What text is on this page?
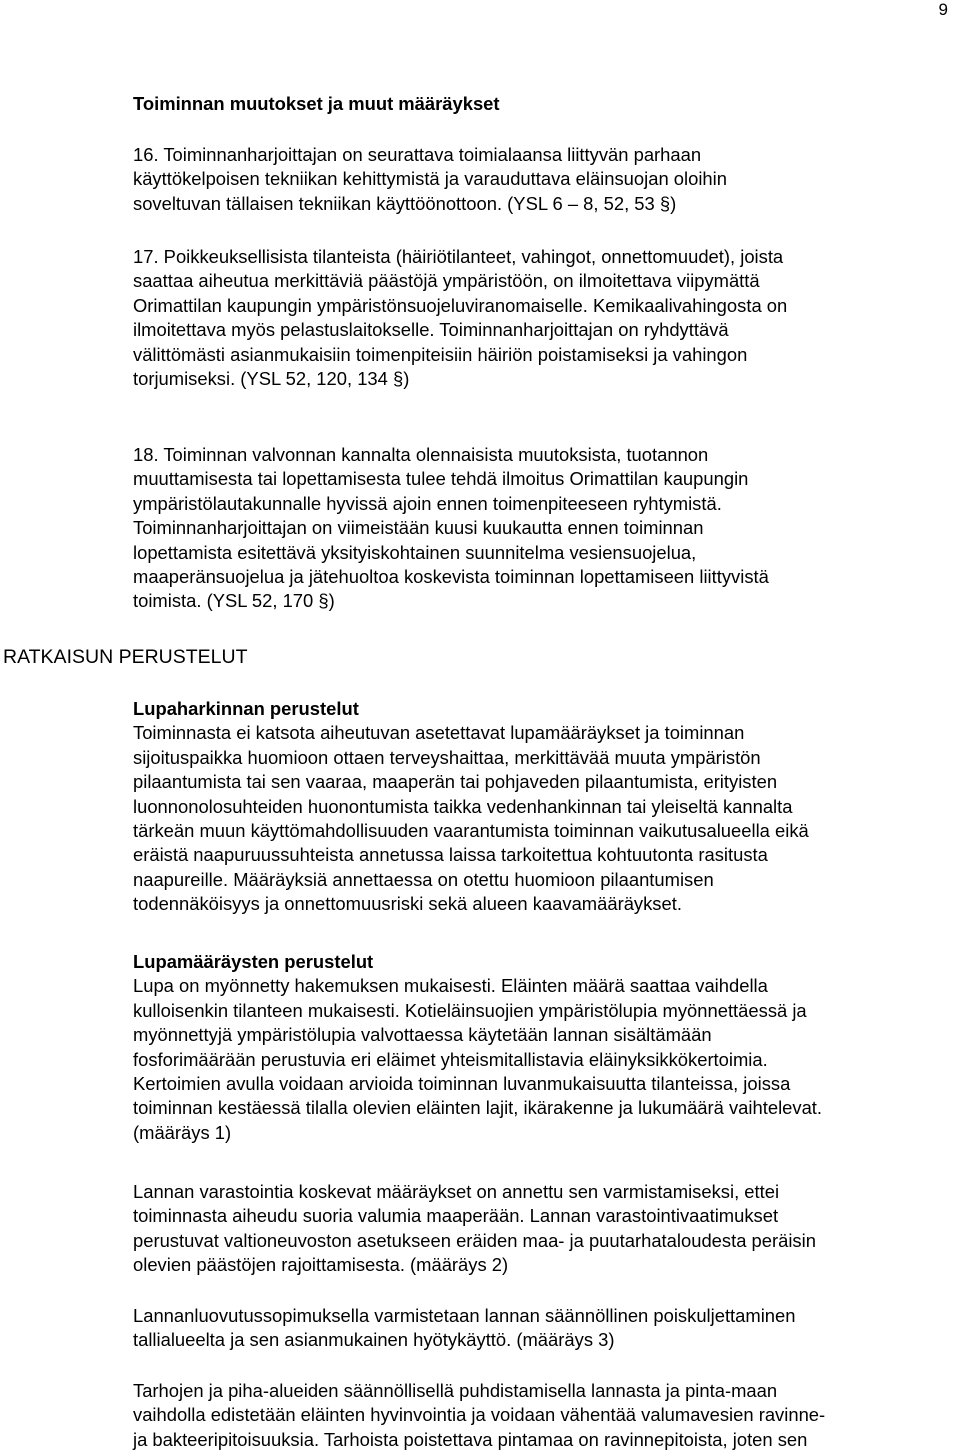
9
Toiminnan muutokset ja muut määräykset
16. Toiminnanharjoittajan on seurattava toimialaansa liittyvän parhaan
käyttökelpoisen tekniikan kehittymistä ja varauduttava eläinsuojan oloihin
soveltuvan tällaisen tekniikan käyttöönottoon. (YSL 6 – 8, 52, 53 §)
17. Poikkeuksellisista tilanteista (häiriötilanteet, vahingot, onnettomuudet), joista
saattaa aiheutua merkittäviä päästöjä ympäristöön, on ilmoitettava viipymättä
Orimattilan kaupungin ympäristönsuojeluviranomaiselle. Kemikaalivahingosta on
ilmoitettava myös pelastuslaitokselle. Toiminnanharjoittajan on ryhdyttävä
välittömästi asianmukaisiin toimenpiteisiin häiriön poistamiseksi ja vahingon
torjumiseksi. (YSL 52, 120, 134 §)
18. Toiminnan valvonnan kannalta olennaisista muutoksista, tuotannon
muuttamisesta tai lopettamisesta tulee tehdä ilmoitus Orimattilan kaupungin
ympäristölautakunnalle hyvissä ajoin ennen toimenpiteeseen ryhtymistä.
Toiminnanharjoittajan on viimeistään kuusi kuukautta ennen toiminnan
lopettamista esitettävä yksityiskohtainen suunnitelma vesiensuojelua,
maaperänsuojelua ja jätehuoltoa koskevista toiminnan lopettamiseen liittyvistä
toimista. (YSL 52, 170 §)
RATKAISUN PERUSTELUT
Lupaharkinnan perustelut
Toiminnasta ei katsota aiheutuvan asetettavat lupamääräykset ja toiminnan
sijoituspaikka huomioon ottaen terveyshaittaa, merkittävää muuta ympäristön
pilaantumista tai sen vaaraa, maaperän tai pohjaveden pilaantumista, erityisten
luonnonolosuhteiden huonontumista taikka vedenhankinnan tai yleiseltä kannalta
tärkeän muun käyttömahdollisuuden vaarantumista toiminnan vaikutusalueella eikä
eräistä naapuruussuhteista annetussa laissa tarkoitettua kohtuutonta rasitusta
naapureille. Määräyksiä annettaessa on otettu huomioon pilaantumisen
todennäköisyys ja onnettomuusriski sekä alueen kaavamääräykset.
Lupamääräysten perustelut
Lupa on myönnetty hakemuksen mukaisesti. Eläinten määrä saattaa vaihdella
kulloisenkin tilanteen mukaisesti. Kotieläinsuojien ympäristölupia myönnettäessä ja
myönnettyjä ympäristölupia valvottaessa käytetään lannan sisältämään
fosforimäärään perustuvia eri eläimet yhteismitallistavia eläinyksikkökertoimia.
Kertoimien avulla voidaan arvioida toiminnan luvanmukaisuutta tilanteissa, joissa
toiminnan kestäessä tilalla olevien eläinten lajit, ikärakenne ja lukumäärä vaihtelevat.
(määräys 1)
Lannan varastointia koskevat määräykset on annettu sen varmistamiseksi, ettei
toiminnasta aiheudu suoria valumia maaperään. Lannan varastointivaatimukset
perustuvat valtioneuvoston asetukseen eräiden maa- ja puutarhataloudesta peräisin
olevien päästöjen rajoittamisesta. (määräys 2)
Lannanluovutussopimuksella varmistetaan lannan säännöllinen poiskuljettaminen
tallialueelta ja sen asianmukainen hyötykäyttö. (määräys 3)
Tarhojen ja piha-alueiden säännöllisellä puhdistamisella lannasta ja pinta-maan
vaihdolla edistetään eläinten hyvinvointia ja voidaan vähentää valumavesien ravinne-
ja bakteeripitoisuuksia. Tarhoista poistettava pintamaa on ravinnepitoista, joten sen
